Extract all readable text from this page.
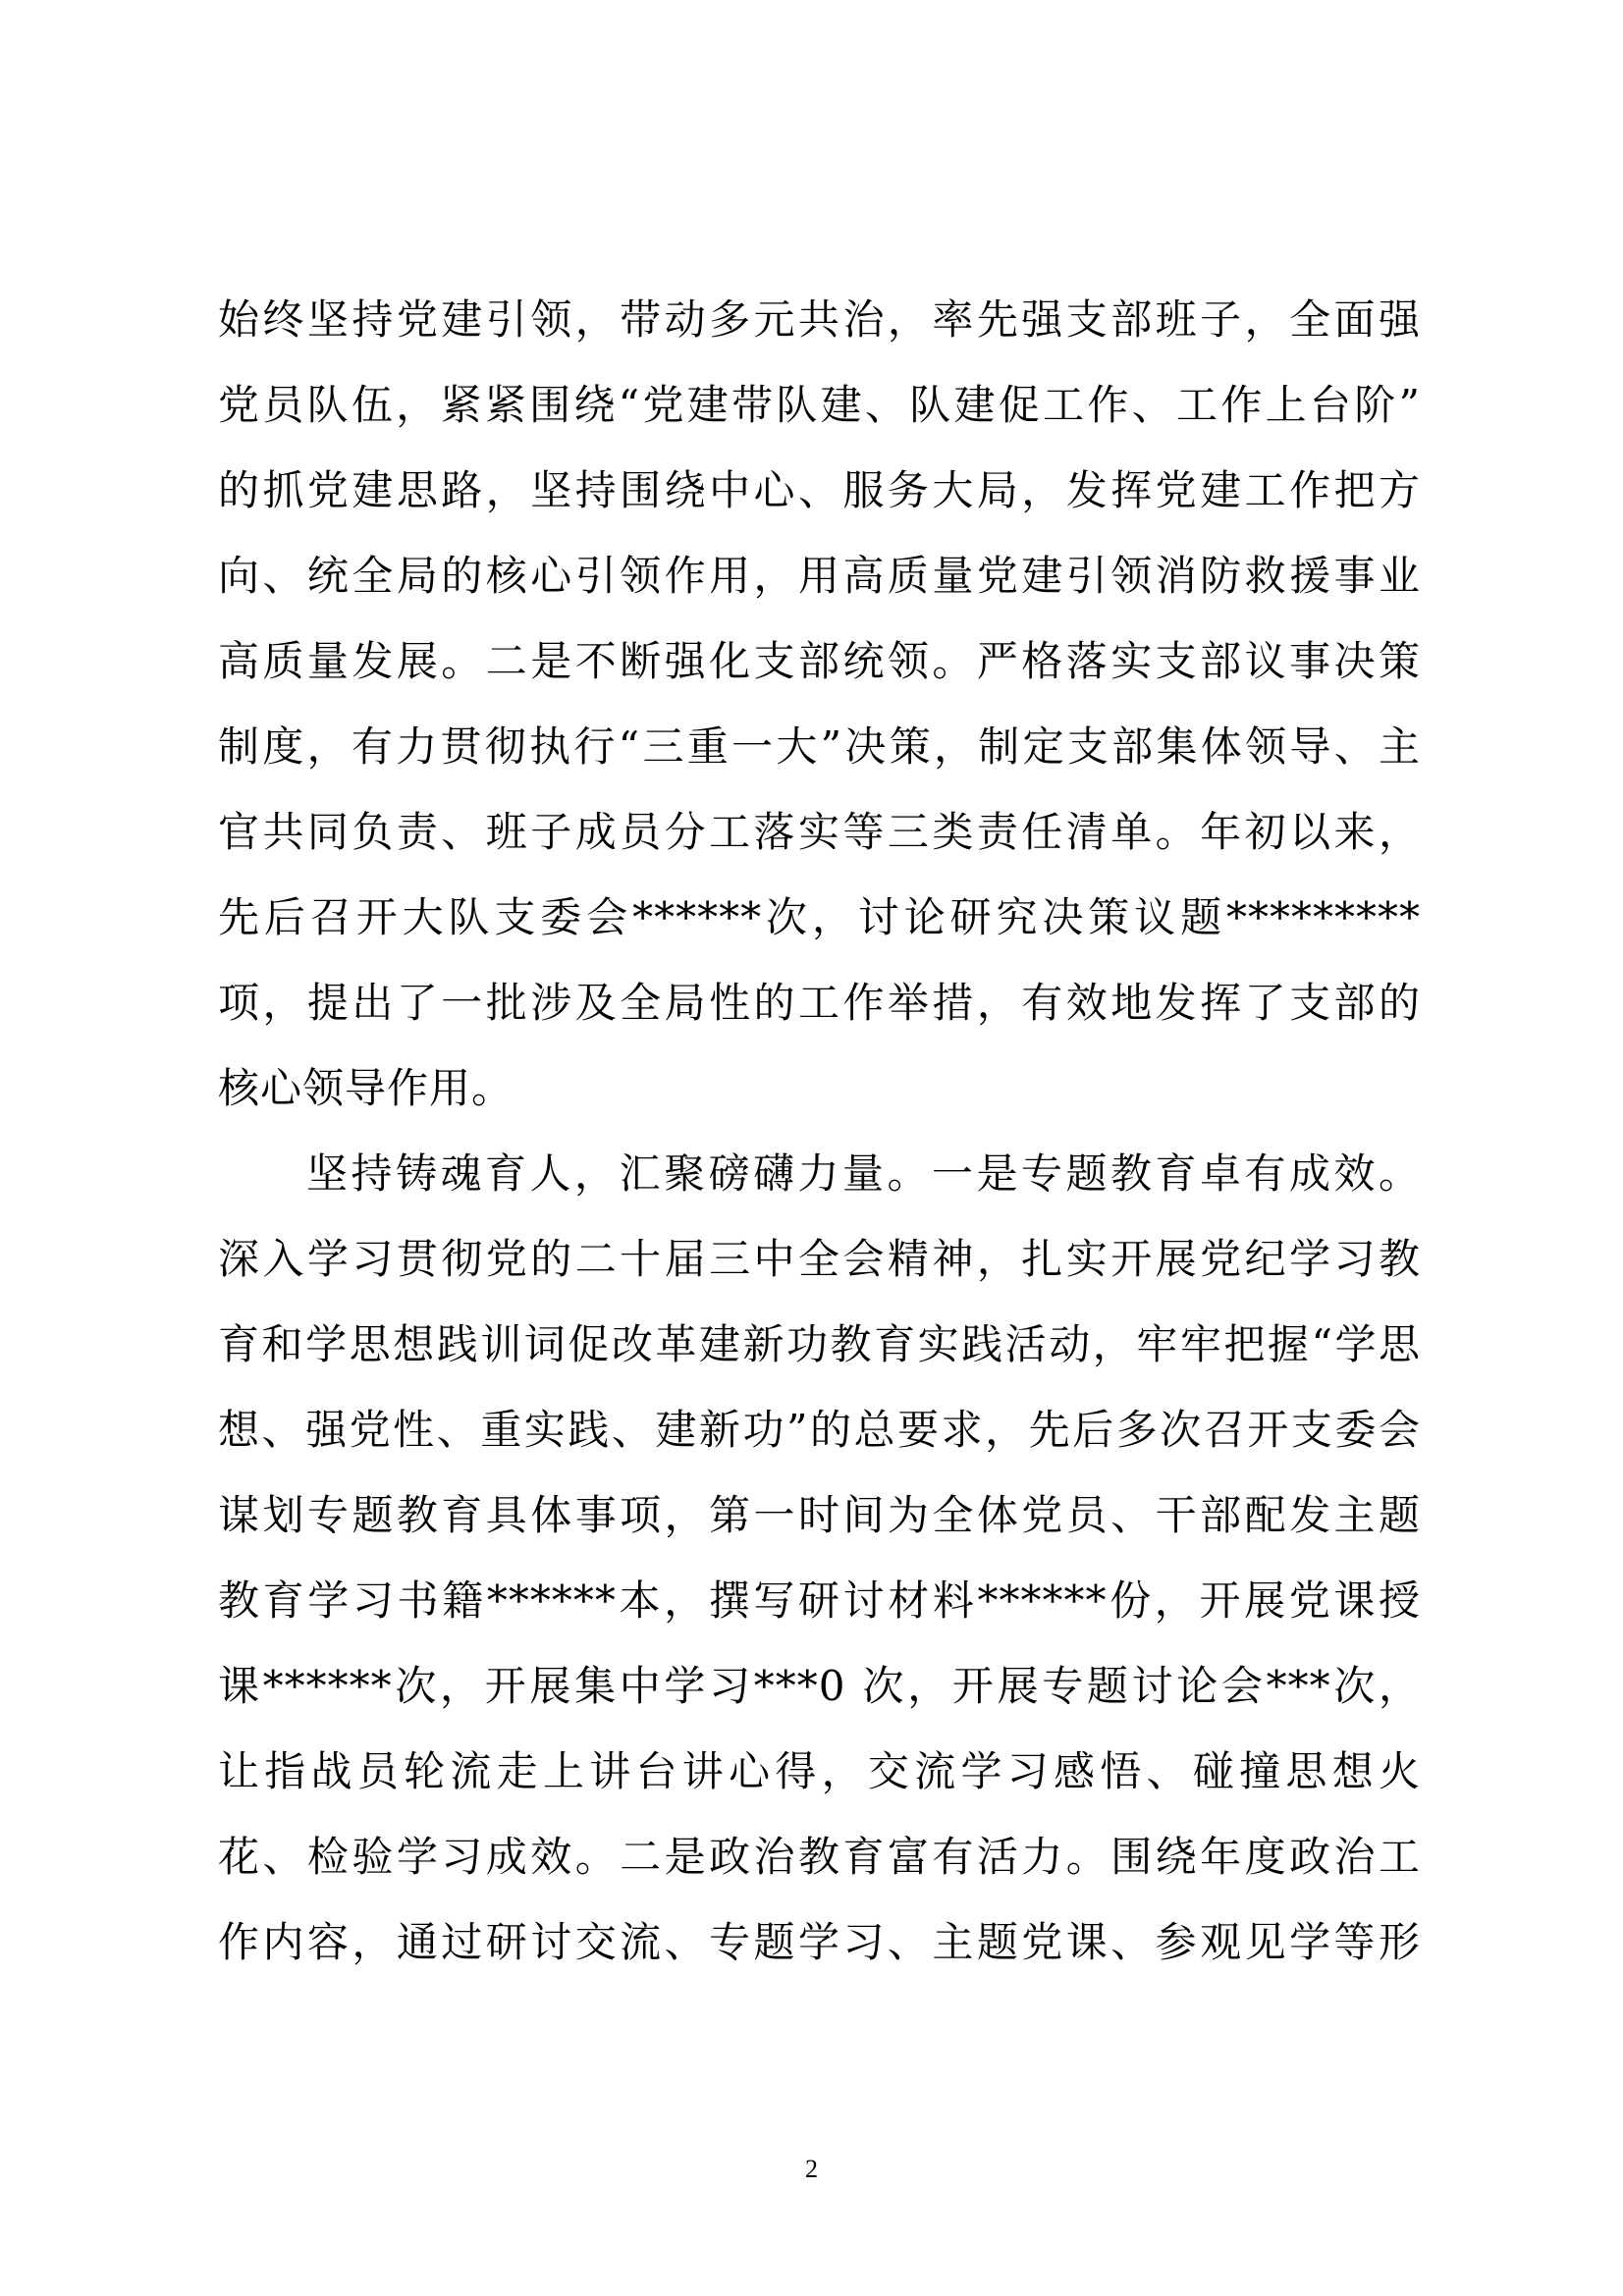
始终坚持党建引领，带动多元共治，率先强支部班子，全面强
党员队伍，紧紧围绕“党建带队建、队建促工作、工作上台阶”
的抓党建思路，坚持围绕中心、服务大局，发挥党建工作把方
向、统全局的核心引领作用，用高质量党建引领消防救援事业
高质量发展。二是不断强化支部统领。严格落实支部议事决策
制度，有力贯彻执行“三重一大”决策，制定支部集体领导、主
官共同负责、班子成员分工落实等三类责任清单。年初以来，
先后召开大队支委会******次，讨论研究决策议题*********
项，提出了一批涉及全局性的工作举措，有效地发挥了支部的
核心领导作用。
坚持铸魂育人，汇聚磅礴力量。一是专题教育卓有成效。
深入学习贯彻党的二十届三中全会精神，扎实开展党纪学习教
育和学思想践训词促改革建新功教育实践活动，牢牢把握“学思
想、强党性、重实践、建新功”的总要求，先后多次召开支委会
谋划专题教育具体事项，第一时间为全体党员、干部配发主题
教育学习书籍******本，撰写研讨材料******份，开展党课授
课******次，开展集中学习***0 次，开展专题讨论会***次，
让指战员轮流走上讲台讲心得，交流学习感悟、碰撞思想火
花、检验学习成效。二是政治教育富有活力。围绕年度政治工
作内容，通过研讨交流、专题学习、主题党课、参观见学等形
2
